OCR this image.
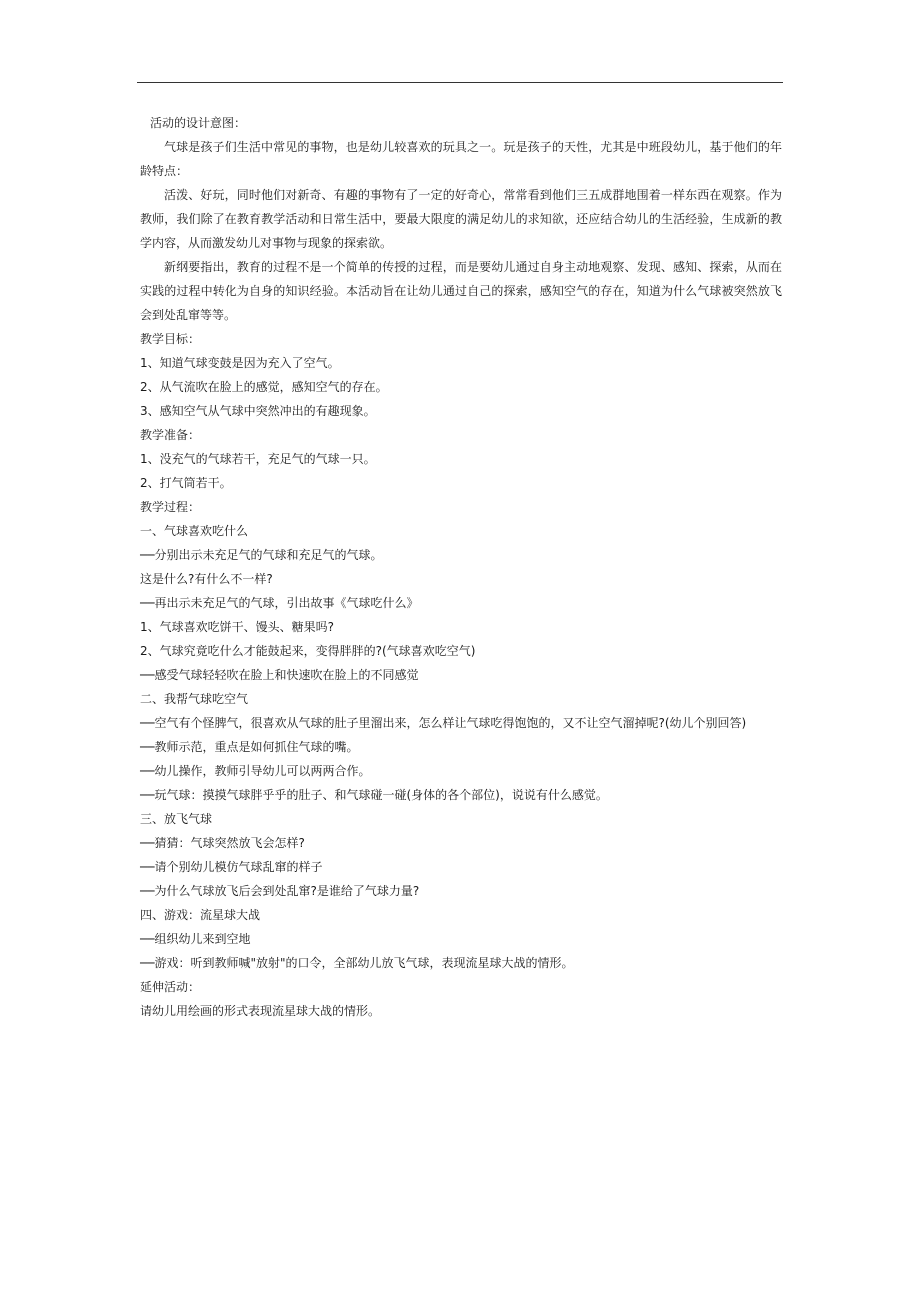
活动的设计意图：

气球是孩子们生活中常见的事物，也是幼儿较喜欢的玩具之一。玩是孩子的天性，尤其是中班段幼儿，基于他们的年龄特点：

活泼、好玩，同时他们对新奇、有趣的事物有了一定的好奇心，常常看到他们三五成群地围着一样东西在观察。作为教师，我们除了在教育教学活动和日常生活中，要最大限度的满足幼儿的求知欲，还应结合幼儿的生活经验，生成新的教学内容，从而激发幼儿对事物与现象的探索欲。

新纲要指出，教育的过程不是一个简单的传授的过程，而是要幼儿通过自身主动地观察、发现、感知、探索，从而在实践的过程中转化为自身的知识经验。本活动旨在让幼儿通过自己的探索，感知空气的存在，知道为什么气球被突然放飞会到处乱窜等等。

教学目标：

1、知道气球变鼓是因为充入了空气。

2、从气流吹在脸上的感觉，感知空气的存在。

3、感知空气从气球中突然冲出的有趣现象。

教学准备：

1、没充气的气球若干，充足气的气球一只。

2、打气筒若干。

教学过程：

一、气球喜欢吃什么

──分别出示未充足气的气球和充足气的气球。

这是什么?有什么不一样?

──再出示未充足气的气球，引出故事《气球吃什么》

1、气球喜欢吃饼干、馒头、糖果吗?

2、气球究竟吃什么才能鼓起来，变得胖胖的?(气球喜欢吃空气)

──感受气球轻轻吹在脸上和快速吹在脸上的不同感觉

二、我帮气球吃空气

──空气有个怪脾气，很喜欢从气球的肚子里溜出来，怎么样让气球吃得饱饱的，又不让空气溜掉呢?(幼儿个别回答)

──教师示范，重点是如何抓住气球的嘴。

──幼儿操作，教师引导幼儿可以两两合作。

──玩气球：摸摸气球胖乎乎的肚子、和气球碰一碰(身体的各个部位)，说说有什么感觉。

三、放飞气球

──猜猜：气球突然放飞会怎样?

──请个别幼儿模仿气球乱窜的样子

──为什么气球放飞后会到处乱窜?是谁给了气球力量?

四、游戏：流星球大战

──组织幼儿来到空地

──游戏：听到教师喊"放射"的口令，全部幼儿放飞气球，表现流星球大战的情形。

延伸活动：

请幼儿用绘画的形式表现流星球大战的情形。
